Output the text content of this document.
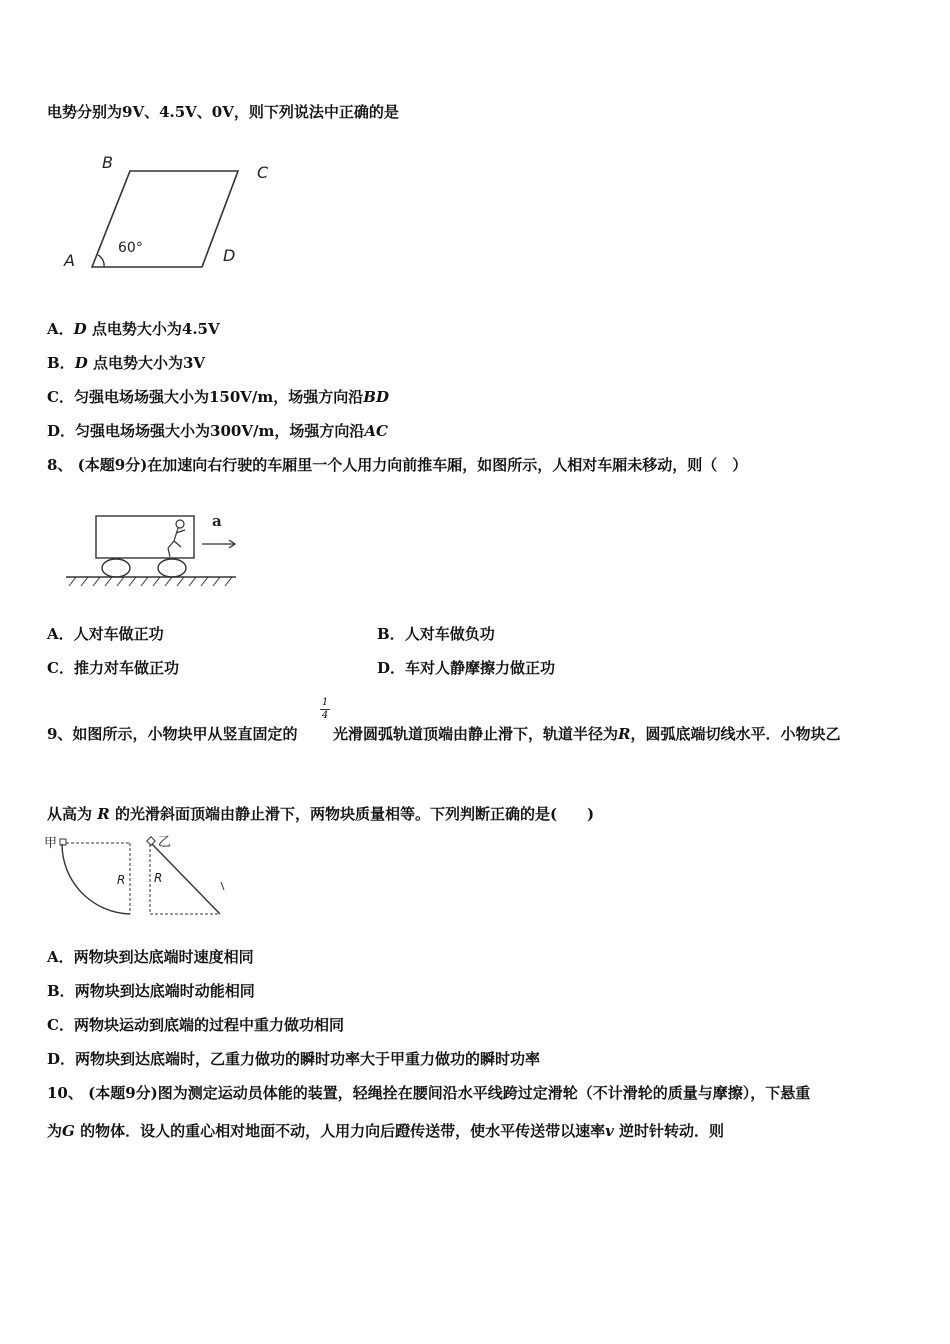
电势分别为9V、4.5V、0V，则下列说法中正确的是
A
B
C
D
60°
A．D 点电势大小为4.5V
B．D 点电势大小为3V
C．匀强电场场强大小为150V/m，场强方向沿BD
D．匀强电场场强大小为300V/m，场强方向沿AC
8、 (本题9分)在加速向右行驶的车厢里一个人用力向前推车厢，如图所示，人相对车厢未移动，则（　）
a
A．人对车做正功	B．人对车做负功
C．推力对车做正功	D．车对人静摩擦力做正功
$\frac{1}{4}$
9、如图所示，小物块甲从竖直固定的 光滑圆弧轨道顶端由静止滑下，轨道半径为R，圆弧底端切线水平．小物块乙
从高为 R 的光滑斜面顶端由静止滑下，两物块质量相等。下列判断正确的是(　　)
甲
R
乙
R
A．两物块到达底端时速度相同
B．两物块到达底端时动能相同
C．两物块运动到底端的过程中重力做功相同
D．两物块到达底端时，乙重力做功的瞬时功率大于甲重力做功的瞬时功率
10、 (本题9分)图为测定运动员体能的装置，轻绳拴在腰间沿水平线跨过定滑轮（不计滑轮的质量与摩擦），下悬重
为G 的物体．设人的重心相对地面不动，人用力向后蹬传送带，使水平传送带以速率v 逆时针转动．则
